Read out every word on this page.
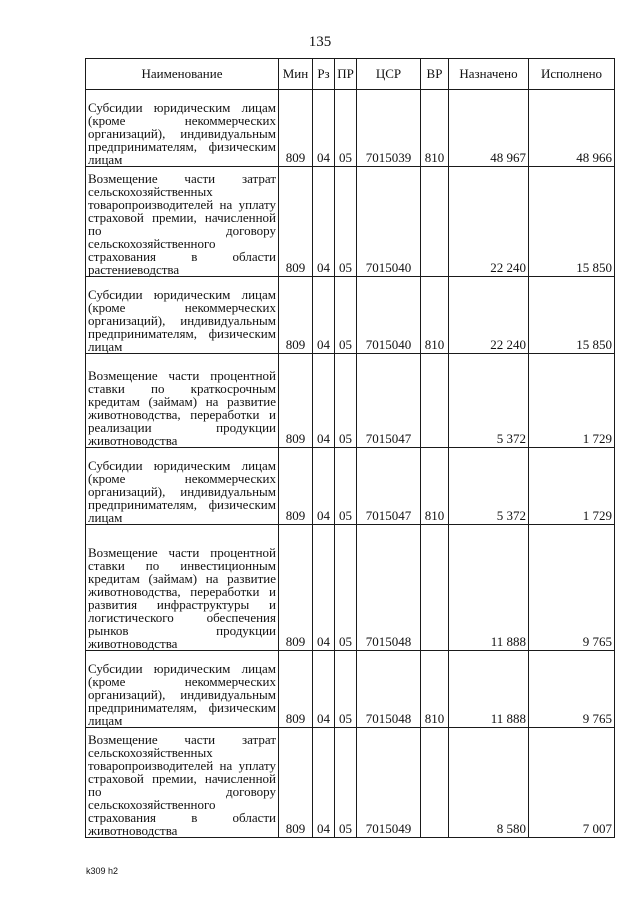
135
Наименование	Мин	Рз	ПР	ЦСР	ВР	Назначено	Исполнено
Субсидии юридическим лицам (кроме некоммерческих организаций), индивидуальным предпринимателям, физическим лицам	809	04	05	7015039	810	48 967	48 966
Возмещение части затрат сельскохозяйственных товаропроизводителей на уплату страховой премии, начисленной по договору сельскохозяйственного страхования в области растениеводства	809	04	05	7015040		22 240	15 850
Субсидии юридическим лицам (кроме некоммерческих организаций), индивидуальным предпринимателям, физическим лицам	809	04	05	7015040	810	22 240	15 850
Возмещение части процентной ставки по краткосрочным кредитам (займам) на развитие животноводства, переработки и реализации продукции животноводства	809	04	05	7015047		5 372	1 729
Субсидии юридическим лицам (кроме некоммерческих организаций), индивидуальным предпринимателям, физическим лицам	809	04	05	7015047	810	5 372	1 729
Возмещение части процентной ставки по инвестиционным кредитам (займам) на развитие животноводства, переработки и развития инфраструктуры и логистического обеспечения рынков продукции животноводства	809	04	05	7015048		11 888	9 765
Субсидии юридическим лицам (кроме некоммерческих организаций), индивидуальным предпринимателям, физическим лицам	809	04	05	7015048	810	11 888	9 765
Возмещение части затрат сельскохозяйственных товаропроизводителей на уплату страховой премии, начисленной по договору сельскохозяйственного страхования в области животноводства	809	04	05	7015049		8 580	7 007
k309 h2
